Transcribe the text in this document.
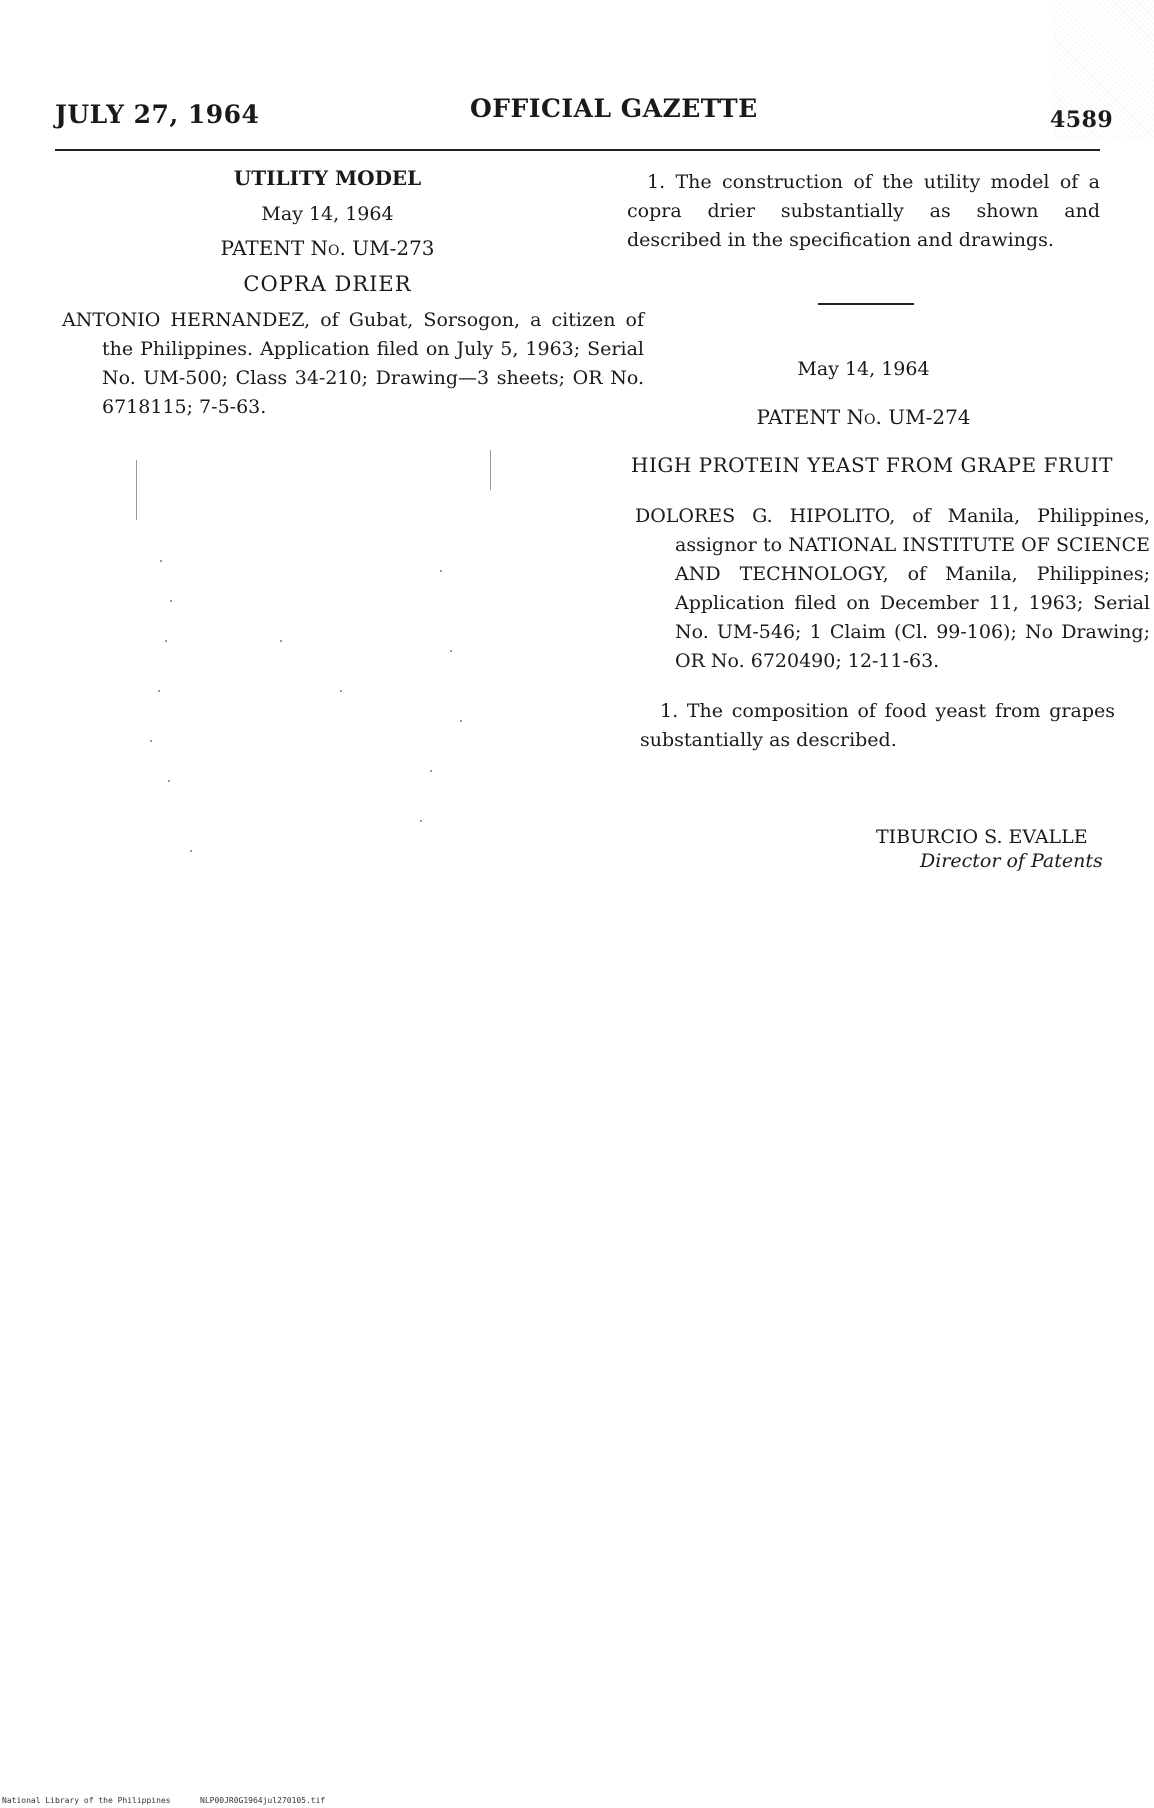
JULY 27, 1964	OFFICIAL GAZETTE	4589
UTILITY MODEL
May 14, 1964
PATENT No. UM-273
COPRA DRIER
ANTONIO HERNANDEZ, of Gubat, Sorsogon, a citizen of the Philippines. Application filed on July 5, 1963; Serial No. UM-500; Class 34-210; Drawing—3 sheets; OR No. 6718115; 7-5-63.
1. The construction of the utility model of a copra drier substantially as shown and described in the specification and drawings.
May 14, 1964
PATENT No. UM-274
HIGH PROTEIN YEAST FROM GRAPE FRUIT
DOLORES G. HIPOLITO, of Manila, Philippines, assignor to NATIONAL INSTITUTE OF SCIENCE AND TECHNOLOGY, of Manila, Philippines; Application filed on December 11, 1963; Serial No. UM-546; 1 Claim (Cl. 99-106); No Drawing; OR No. 6720490; 12-11-63.
1. The composition of food yeast from grapes substantially as described.
TIBURCIO S. EVALLE
Director of Patents
National Library of the Philippines	NLP00JR0G1964jul270105.tif
